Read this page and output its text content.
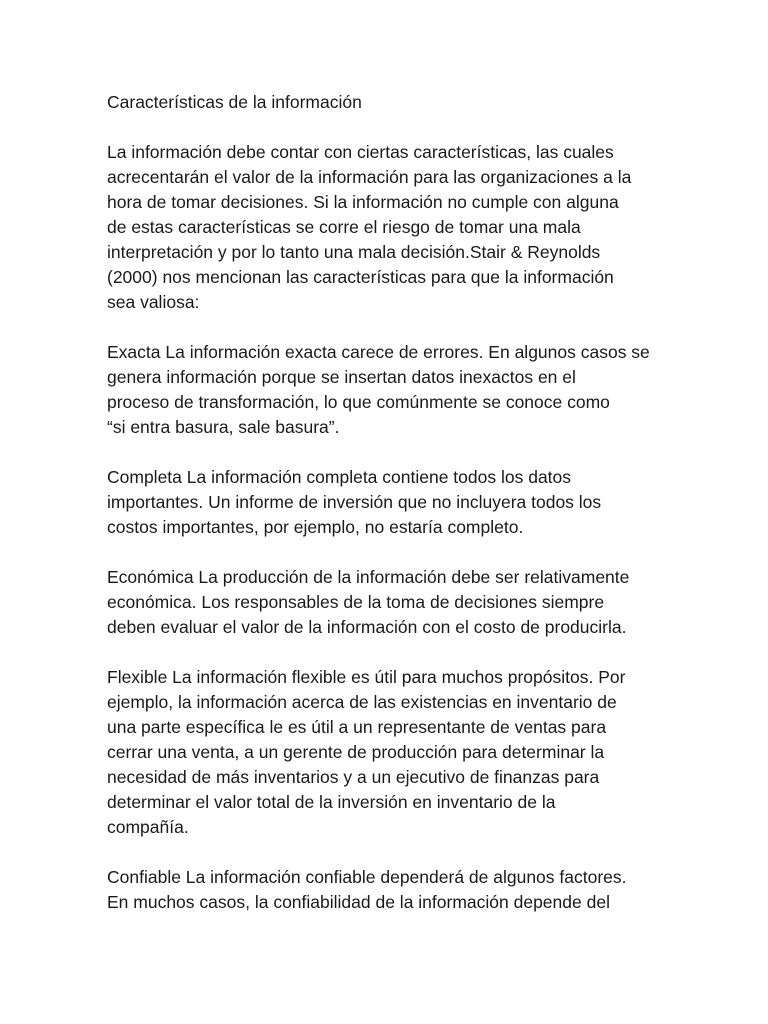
Características de la información

La información debe contar con ciertas características, las cuales
acrecentarán el valor de la información para las organizaciones a la
hora de tomar decisiones. Si la información no cumple con alguna
de estas características se corre el riesgo de tomar una mala
interpretación y por lo tanto una mala decisión.Stair & Reynolds
(2000) nos mencionan las características para que la información
sea valiosa:

Exacta La información exacta carece de errores. En algunos casos se
genera información porque se insertan datos inexactos en el
proceso de transformación, lo que comúnmente se conoce como
“si entra basura, sale basura”.

Completa La información completa contiene todos los datos
importantes. Un informe de inversión que no incluyera todos los
costos importantes, por ejemplo, no estaría completo.

Económica La producción de la información debe ser relativamente
económica. Los responsables de la toma de decisiones siempre
deben evaluar el valor de la información con el costo de producirla.

Flexible La información flexible es útil para muchos propósitos. Por
ejemplo, la información acerca de las existencias en inventario de
una parte específica le es útil a un representante de ventas para
cerrar una venta, a un gerente de producción para determinar la
necesidad de más inventarios y a un ejecutivo de finanzas para
determinar el valor total de la inversión en inventario de la
compañía.

Confiable La información confiable dependerá de algunos factores.
En muchos casos, la confiabilidad de la información depende del
